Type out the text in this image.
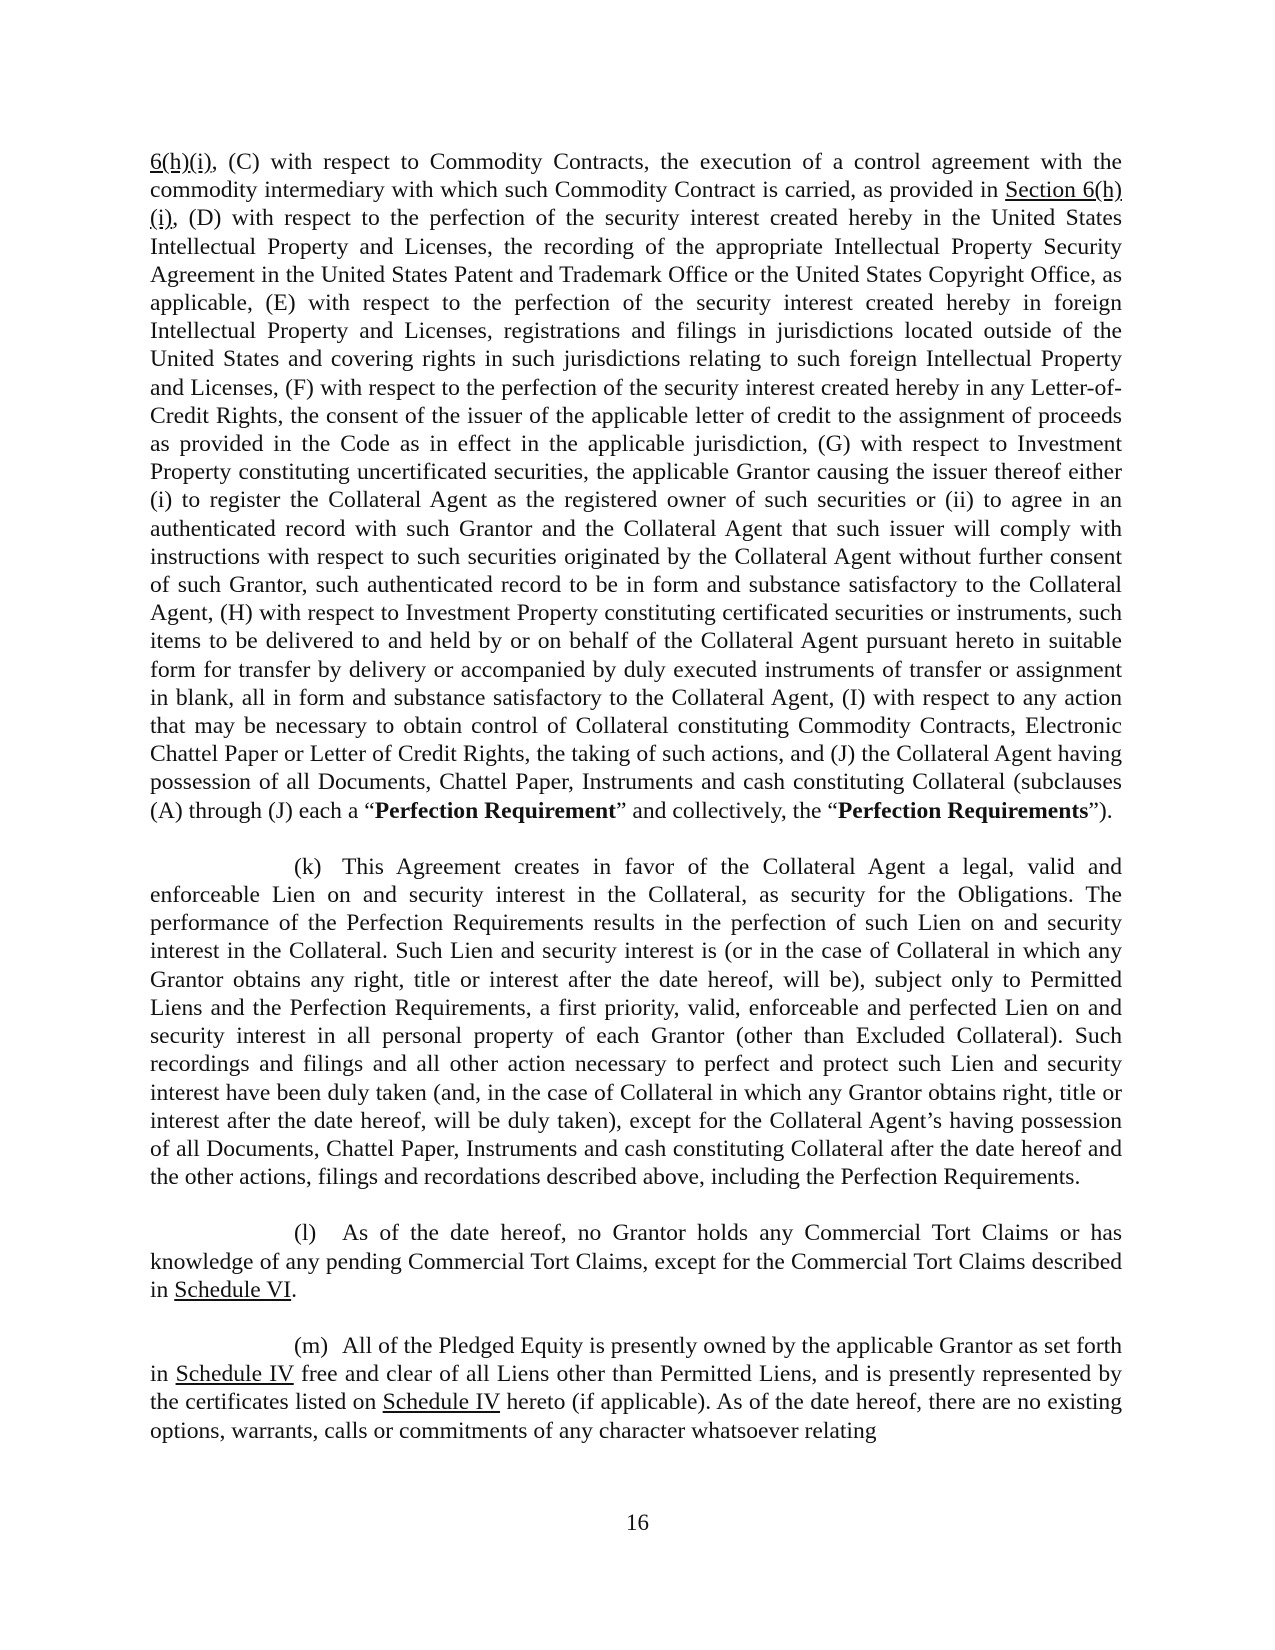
6(h)(i), (C) with respect to Commodity Contracts, the execution of a control agreement with the commodity intermediary with which such Commodity Contract is carried, as provided in Section 6(h)(i), (D) with respect to the perfection of the security interest created hereby in the United States Intellectual Property and Licenses, the recording of the appropriate Intellectual Property Security Agreement in the United States Patent and Trademark Office or the United States Copyright Office, as applicable, (E) with respect to the perfection of the security interest created hereby in foreign Intellectual Property and Licenses, registrations and filings in jurisdictions located outside of the United States and covering rights in such jurisdictions relating to such foreign Intellectual Property and Licenses, (F) with respect to the perfection of the security interest created hereby in any Letter-of-Credit Rights, the consent of the issuer of the applicable letter of credit to the assignment of proceeds as provided in the Code as in effect in the applicable jurisdiction, (G) with respect to Investment Property constituting uncertificated securities, the applicable Grantor causing the issuer thereof either (i) to register the Collateral Agent as the registered owner of such securities or (ii) to agree in an authenticated record with such Grantor and the Collateral Agent that such issuer will comply with instructions with respect to such securities originated by the Collateral Agent without further consent of such Grantor, such authenticated record to be in form and substance satisfactory to the Collateral Agent, (H) with respect to Investment Property constituting certificated securities or instruments, such items to be delivered to and held by or on behalf of the Collateral Agent pursuant hereto in suitable form for transfer by delivery or accompanied by duly executed instruments of transfer or assignment in blank, all in form and substance satisfactory to the Collateral Agent, (I) with respect to any action that may be necessary to obtain control of Collateral constituting Commodity Contracts, Electronic Chattel Paper or Letter of Credit Rights, the taking of such actions, and (J) the Collateral Agent having possession of all Documents, Chattel Paper, Instruments and cash constituting Collateral (subclauses (A) through (J) each a “Perfection Requirement” and collectively, the “Perfection Requirements”).

(k) This Agreement creates in favor of the Collateral Agent a legal, valid and enforceable Lien on and security interest in the Collateral, as security for the Obligations. The performance of the Perfection Requirements results in the perfection of such Lien on and security interest in the Collateral. Such Lien and security interest is (or in the case of Collateral in which any Grantor obtains any right, title or interest after the date hereof, will be), subject only to Permitted Liens and the Perfection Requirements, a first priority, valid, enforceable and perfected Lien on and security interest in all personal property of each Grantor (other than Excluded Collateral). Such recordings and filings and all other action necessary to perfect and protect such Lien and security interest have been duly taken (and, in the case of Collateral in which any Grantor obtains right, title or interest after the date hereof, will be duly taken), except for the Collateral Agent’s having possession of all Documents, Chattel Paper, Instruments and cash constituting Collateral after the date hereof and the other actions, filings and recordations described above, including the Perfection Requirements.

(l) As of the date hereof, no Grantor holds any Commercial Tort Claims or has knowledge of any pending Commercial Tort Claims, except for the Commercial Tort Claims described in Schedule VI.

(m) All of the Pledged Equity is presently owned by the applicable Grantor as set forth in Schedule IV free and clear of all Liens other than Permitted Liens, and is presently represented by the certificates listed on Schedule IV hereto (if applicable). As of the date hereof, there are no existing options, warrants, calls or commitments of any character whatsoever relating

16
